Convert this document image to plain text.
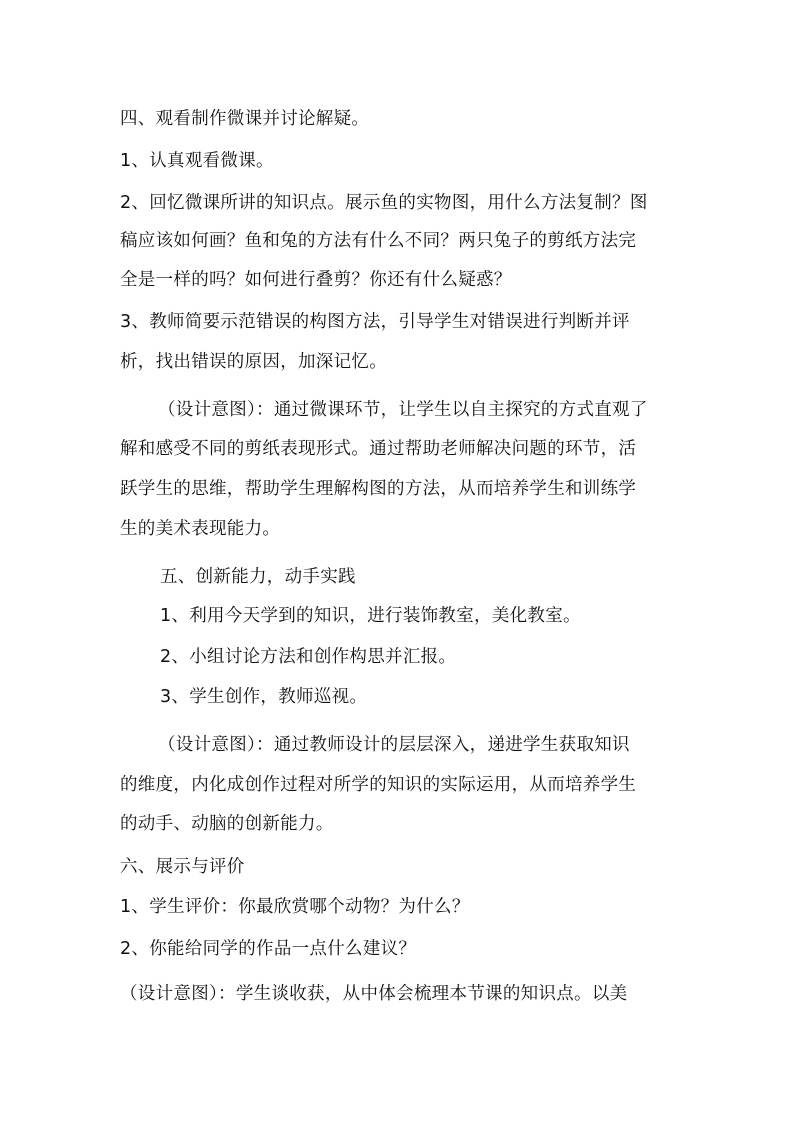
四、观看制作微课并讨论解疑。
1、认真观看微课。
2、回忆微课所讲的知识点。展示鱼的实物图，用什么方法复制？图
稿应该如何画？鱼和兔的方法有什么不同？两只兔子的剪纸方法完
全是一样的吗？如何进行叠剪？你还有什么疑惑？
3、教师简要示范错误的构图方法，引导学生对错误进行判断并评
析，找出错误的原因，加深记忆。
（设计意图）：通过微课环节，让学生以自主探究的方式直观了
解和感受不同的剪纸表现形式。通过帮助老师解决问题的环节，活
跃学生的思维，帮助学生理解构图的方法，从而培养学生和训练学
生的美术表现能力。
五、创新能力，动手实践
1、利用今天学到的知识，进行装饰教室，美化教室。
2、小组讨论方法和创作构思并汇报。
3、学生创作，教师巡视。
（设计意图）：通过教师设计的层层深入，递进学生获取知识
的维度，内化成创作过程对所学的知识的实际运用，从而培养学生
的动手、动脑的创新能力。
六、展示与评价
1、学生评价：你最欣赏哪个动物？为什么？
2、你能给同学的作品一点什么建议？
（设计意图）：学生谈收获，从中体会梳理本节课的知识点。以美
